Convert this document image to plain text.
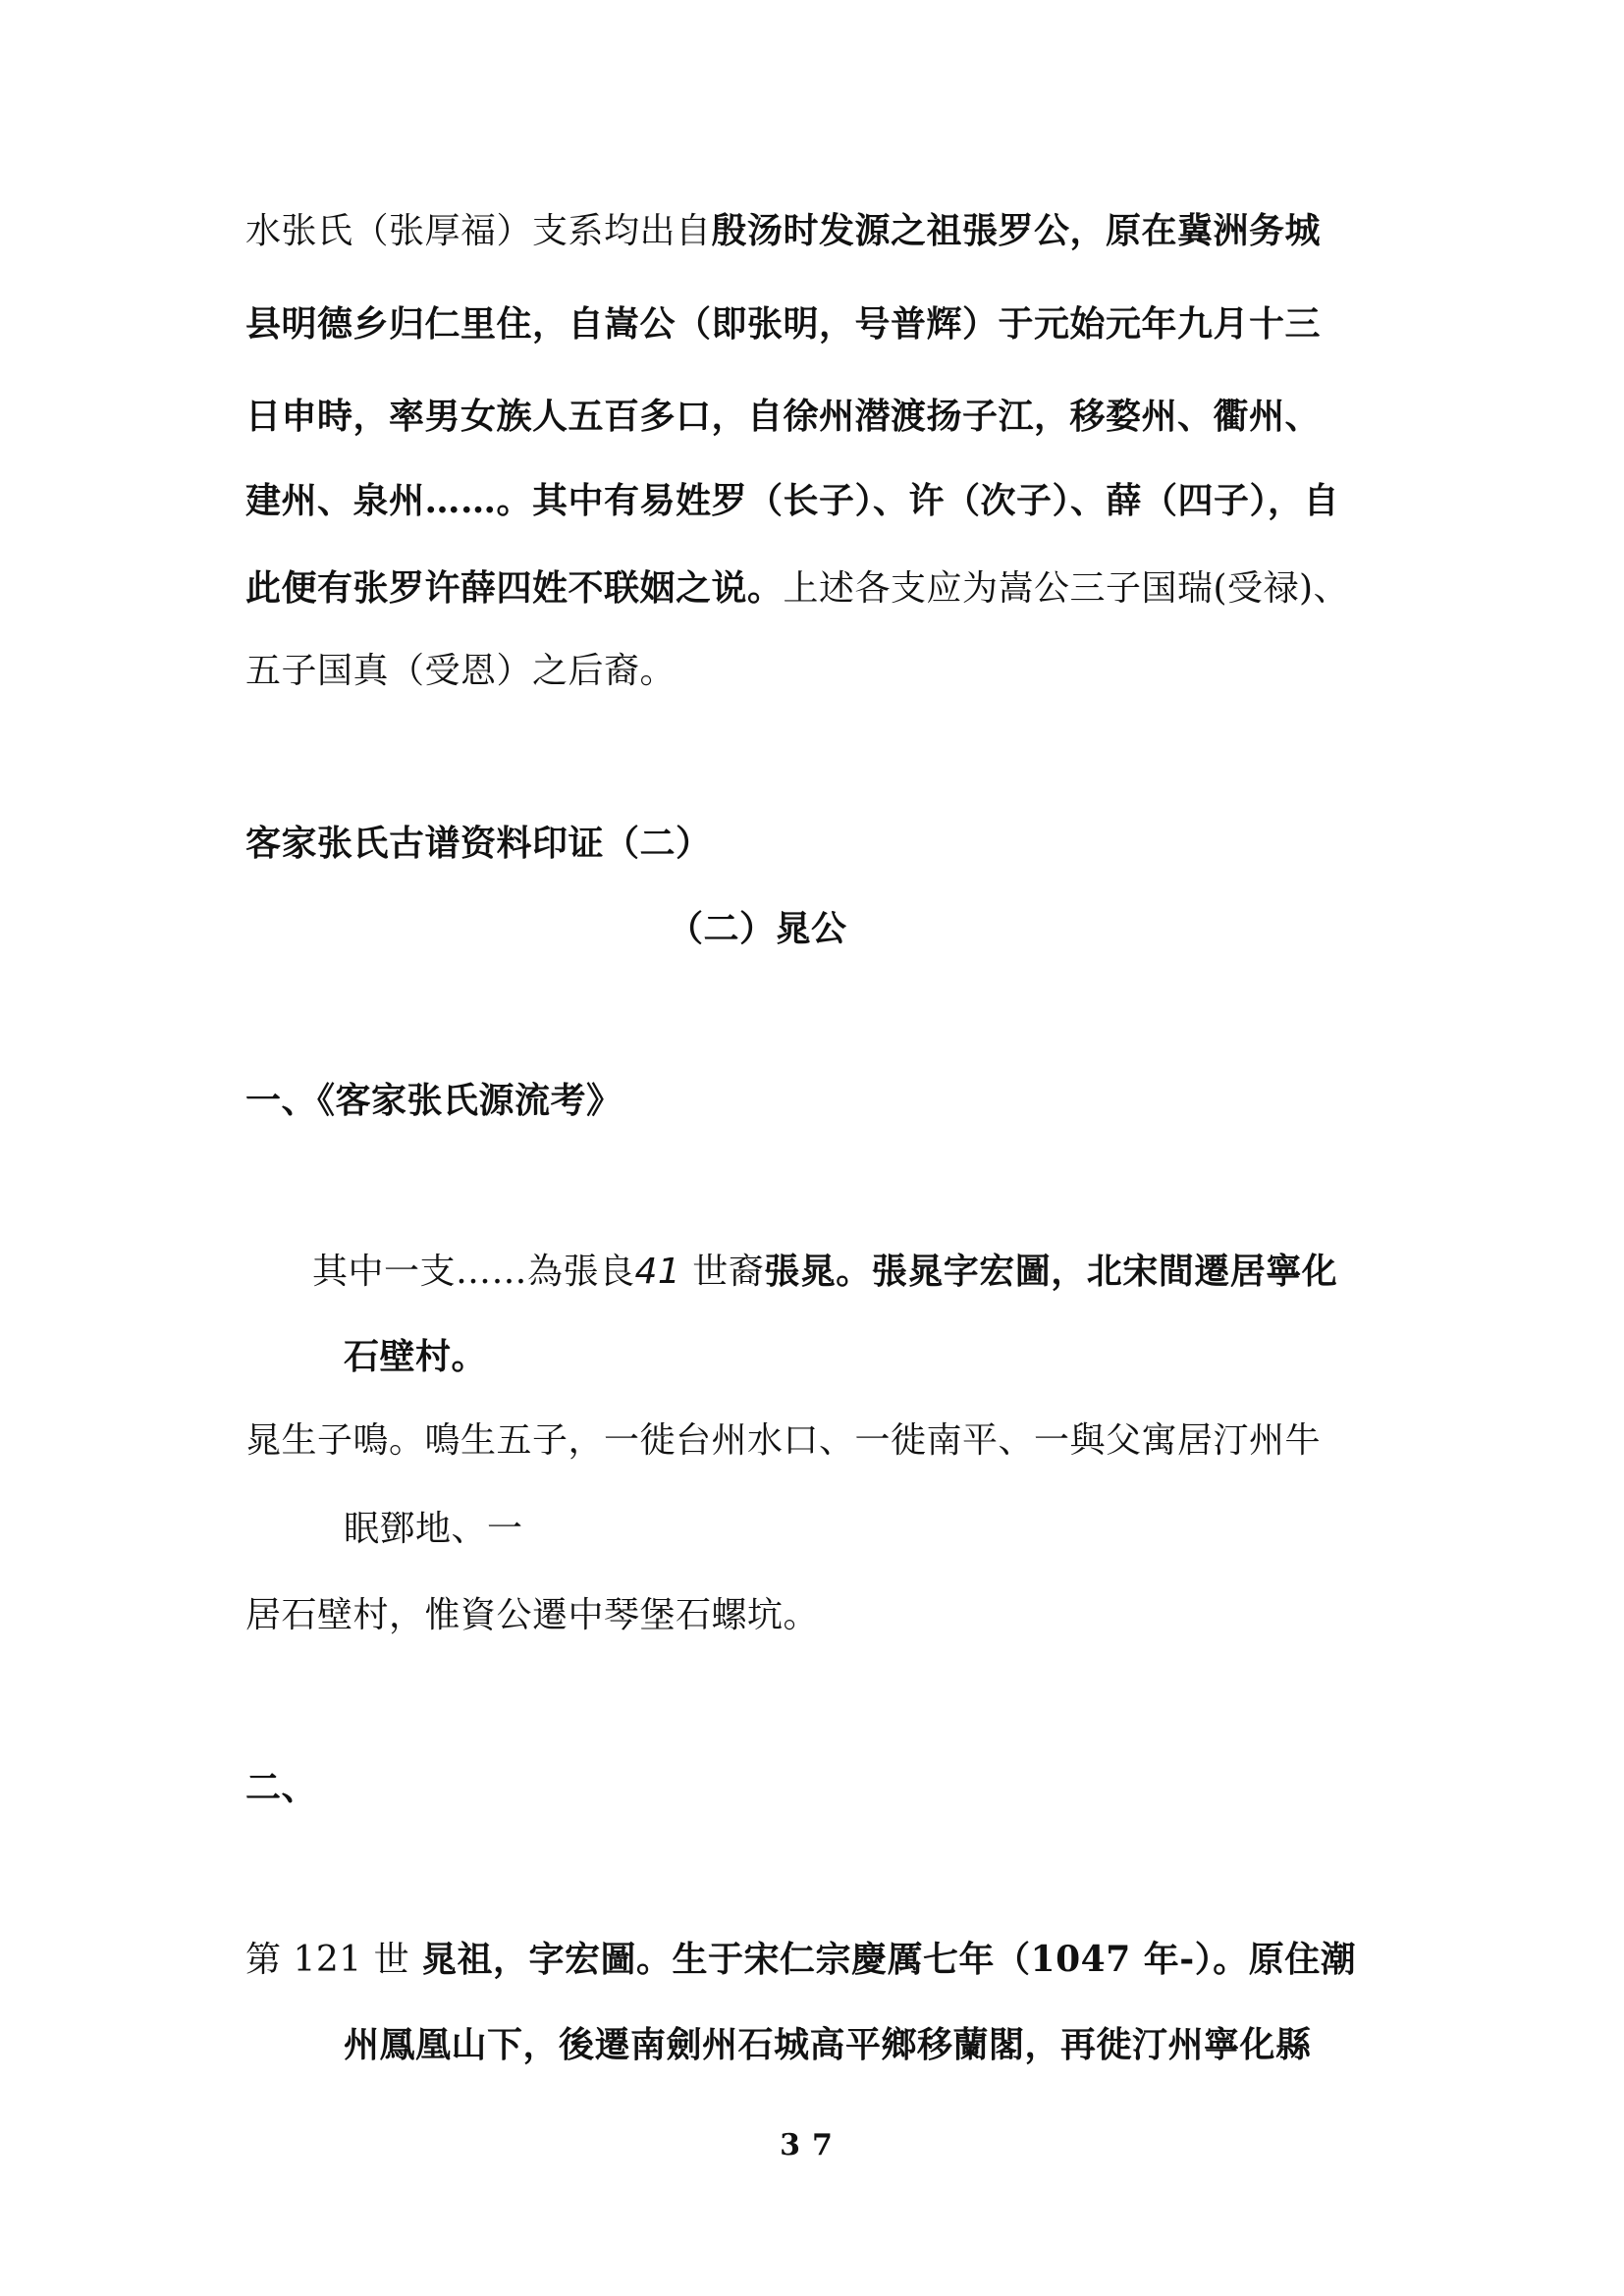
水张氏（张厚福）支系均出自殷汤时发源之祖張罗公，原在冀洲务城
县明德乡归仁里住，自嵩公（即张明，号普辉）于元始元年九月十三
日申時，率男女族人五百多口，自徐州潜渡扬子江，移婺州、衢州、
建州、泉州……。其中有易姓罗（长子）、许（次子）、薛（四子），自
此便有张罗许薛四姓不联姻之说。上述各支应为嵩公三子国瑞(受禄)、
五子国真（受恩）之后裔。
客家张氏古谱资料印证（二）
（二）晁公
一、《客家张氏源流考》
其中一支……為張良41 世裔張晁。張晁字宏圖，北宋間遷居寧化
石壁村。
晁生子鳴。鳴生五子，一徙台州水口、一徙南平、一與父寓居汀州牛
眠鄧地、一
居石壁村，惟資公遷中琴堡石螺坑。
二、
第 121 世 晁祖，字宏圖。生于宋仁宗慶厲七年（1047 年-）。原住潮
州鳳凰山下，後遷南劍州石城高平鄉移蘭閣，再徙汀州寧化縣
37
